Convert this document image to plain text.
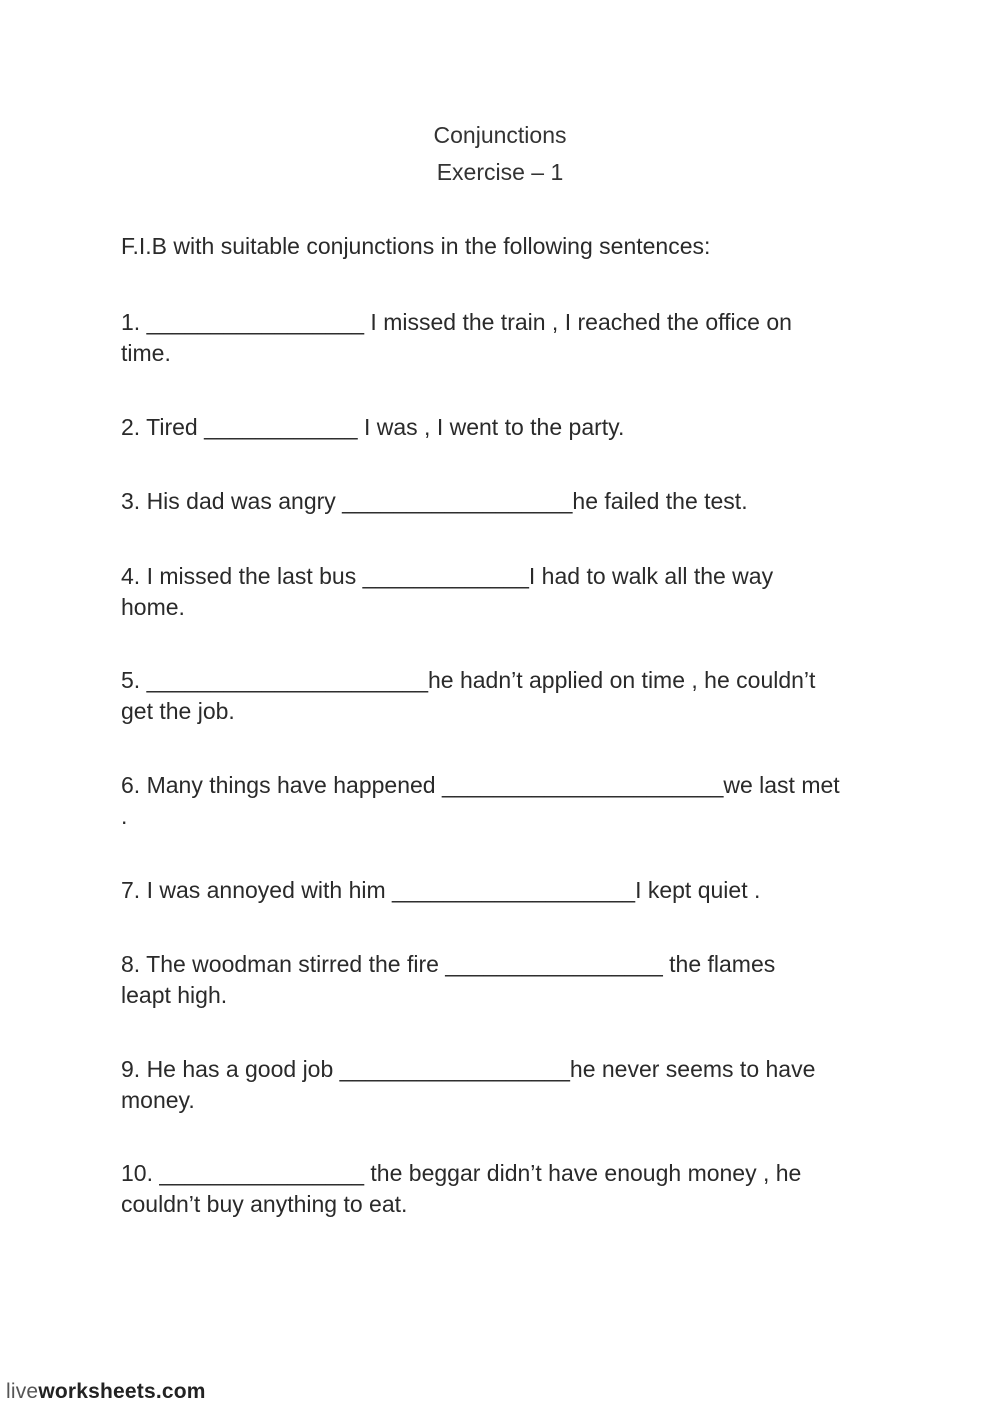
Conjunctions
Exercise – 1
F.I.B with suitable conjunctions in the following sentences:
1. _________________ I missed the train , I reached the office on
time.
2. Tired ____________ I was , I went to the party.
3. His dad was angry __________________he failed the test.
4. I missed the last bus _____________I had to walk all the way
home.
5. ______________________he hadn’t applied on time , he couldn’t
get the job.
6. Many things have happened ______________________we last met
.
7. I was annoyed with him ___________________I kept quiet .
8. The woodman stirred the fire _________________ the flames
leapt high.
9. He has a good job __________________he never seems to have
money.
10. ________________ the beggar didn’t have enough money , he
couldn’t buy anything to eat.
liveworksheets.com
